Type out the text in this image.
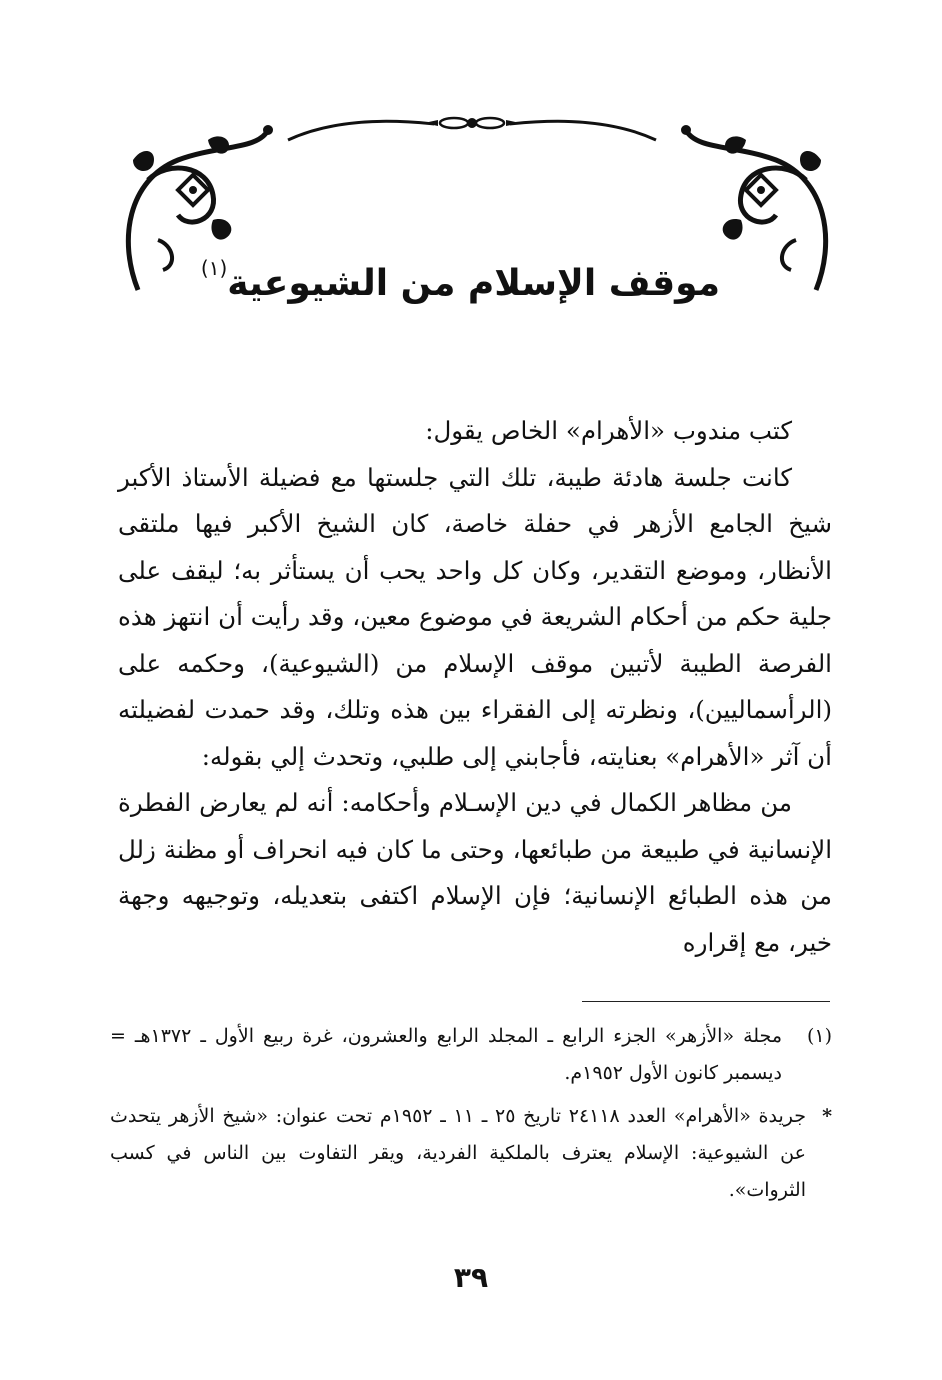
موقف الإسلام من الشيوعية$^{(١)}$

كتب مندوب «الأهرام» الخاص يقول:

كانت جلسة هادئة طيبة، تلك التي جلستها مع فضيلة الأستاذ الأكبر شيخ الجامع الأزهر في حفلة خاصة، كان الشيخ الأكبر فيها ملتقى الأنظار، وموضع التقدير، وكان كل واحد يحب أن يستأثر به؛ ليقف على جلية حكم من أحكام الشريعة في موضوع معين، وقد رأيت أن انتهز هذه الفرصة الطيبة لأتبين موقف الإسلام من (الشيوعية)، وحكمه على (الرأسماليين)، ونظرته إلى الفقراء بين هذه وتلك، وقد حمدت لفضيلته أن آثر «الأهرام» بعنايته، فأجابني إلى طلبي، وتحدث إلي بقوله:

من مظاهر الكمال في دين الإسـلام وأحكامه: أنه لم يعارض الفطرة الإنسانية في طبيعة من طبائعها، وحتى ما كان فيه انحراف أو مظنة زلل من هذه الطبائع الإنسانية؛ فإن الإسلام اكتفى بتعديله، وتوجيهه وجهة خير، مع إقراره

(١)
مجلة «الأزهر» الجزء الرابع ـ المجلد الرابع والعشرون، غرة ربيع الأول ـ ١٣٧٢هـ = ديسمبر كانون الأول ١٩٥٢م.
*
جريدة «الأهرام» العدد ٢٤١١٨ تاريخ ٢٥ ـ ١١ ـ ١٩٥٢م تحت عنوان: «شيخ الأزهر يتحدث عن الشيوعية: الإسلام يعترف بالملكية الفردية، ويقر التفاوت بين الناس في كسب الثروات».
٣٩
